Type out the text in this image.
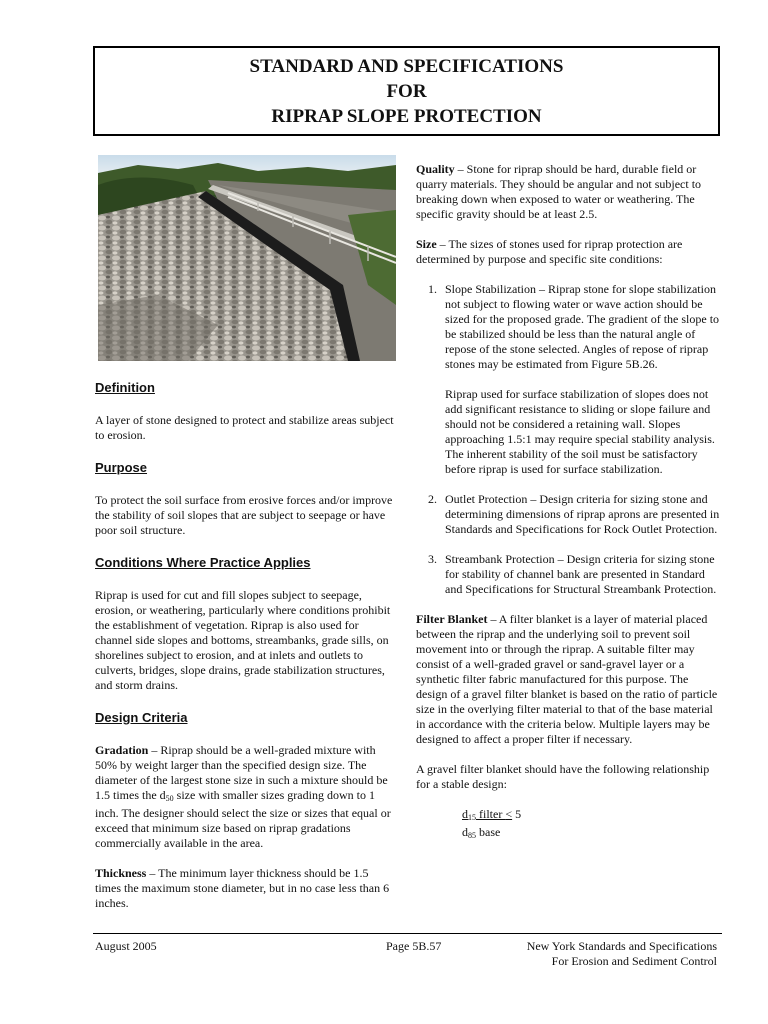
STANDARD AND SPECIFICATIONS
FOR
RIPRAP SLOPE PROTECTION
Definition

A layer of stone designed to protect and stabilize areas subject to erosion.

Purpose

To protect the soil surface from erosive forces and/or improve the stability of soil slopes that are subject to seepage or have poor soil structure.

Conditions Where Practice Applies

Riprap is used for cut and fill slopes subject to seepage, erosion, or weathering, particularly where conditions prohibit the establishment of vegetation. Riprap is also used for channel side slopes and bottoms, streambanks, grade sills, on shorelines subject to erosion, and at inlets and outlets to culverts, bridges, slope drains, grade stabilization structures, and storm drains.

Design Criteria

Gradation – Riprap should be a well-graded mixture with 50% by weight larger than the specified design size. The diameter of the largest stone size in such a mixture should be 1.5 times the $d_{50}$ size with smaller sizes grading down to 1 inch. The designer should select the size or sizes that equal or exceed that minimum size based on riprap gradations commercially available in the area.

Thickness – The minimum layer thickness should be 1.5 times the maximum stone diameter, but in no case less than 6 inches.

Quality – Stone for riprap should be hard, durable field or quarry materials. They should be angular and not subject to breaking down when exposed to water or weathering. The specific gravity should be at least 2.5.

Size – The sizes of stones used for riprap protection are determined by purpose and specific site conditions:

1. Slope Stabilization – Riprap stone for slope stabilization not subject to flowing water or wave action should be sized for the proposed grade. The gradient of the slope to be stabilized should be less than the natural angle of repose of the stone selected. Angles of repose of riprap stones may be estimated from Figure 5B.26.

Riprap used for surface stabilization of slopes does not add significant resistance to sliding or slope failure and should not be considered a retaining wall. Slopes approaching 1.5:1 may require special stability analysis. The inherent stability of the soil must be satisfactory before riprap is used for surface stabilization.

2. Outlet Protection – Design criteria for sizing stone and determining dimensions of riprap aprons are presented in Standards and Specifications for Rock Outlet Protection.

3. Streambank Protection – Design criteria for sizing stone for stability of channel bank are presented in Standard and Specifications for Structural Streambank Protection.

Filter Blanket – A filter blanket is a layer of material placed between the riprap and the underlying soil to prevent soil movement into or through the riprap. A suitable filter may consist of a well-graded gravel or sand-gravel layer or a synthetic filter fabric manufactured for this purpose. The design of a gravel filter blanket is based on the ratio of particle size in the overlying filter material to that of the base material in accordance with the criteria below. Multiple layers may be designed to affect a proper filter if necessary.

A gravel filter blanket should have the following relationship for a stable design:

$d_{15}$ filter < 5
$d_{85}$ base
August 2005	Page 5B.57	New York Standards and Specifications
For Erosion and Sediment Control
